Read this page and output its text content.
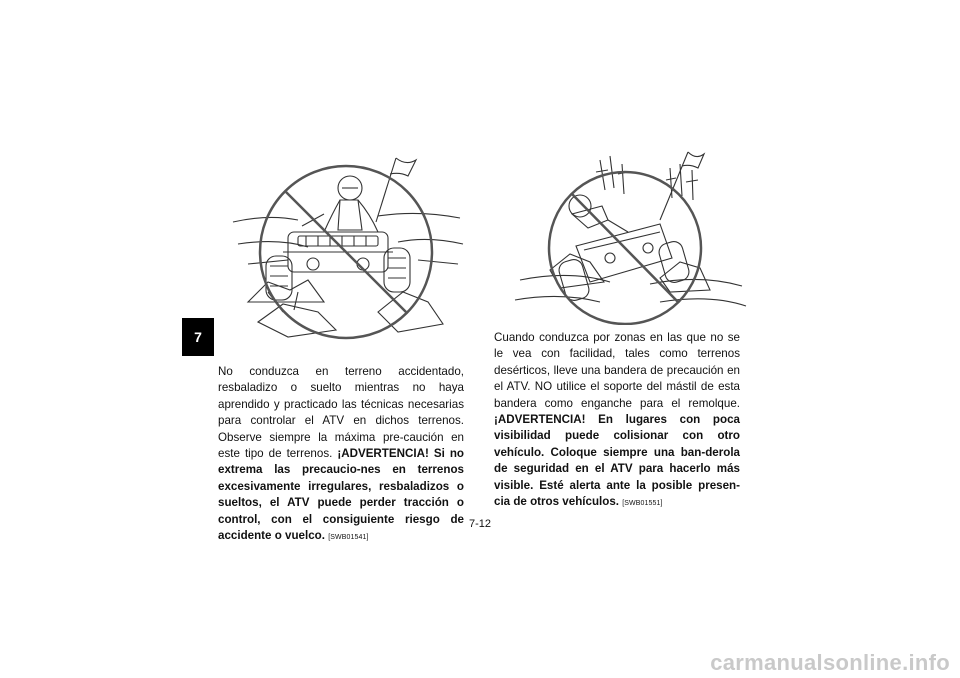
7
No conduzca en terreno accidentado, resbaladizo o suelto mientras no haya aprendido y practicado las técnicas necesarias para controlar el ATV en dichos terrenos. Observe siempre la máxima pre-caución en este tipo de terrenos. ¡ADVERTENCIA! Si no extrema las precaucio-nes en terrenos excesivamente irregulares, resbaladizos o sueltos, el ATV puede perder tracción o control, con el consiguiente riesgo de accidente o vuelco. [SWB01541]
Cuando conduzca por zonas en las que no se le vea con facilidad, tales como terrenos desérticos, lleve una bandera de precaución en el ATV. NO utilice el soporte del mástil de esta bandera como enganche para el remolque. ¡ADVERTENCIA! En lugares con poca visibilidad puede colisionar con otro vehículo. Coloque siempre una ban-derola de seguridad en el ATV para hacerlo más visible. Esté alerta ante la posible presen-cia de otros vehículos. [SWB01551]
7-12
carmanualsonline.info
